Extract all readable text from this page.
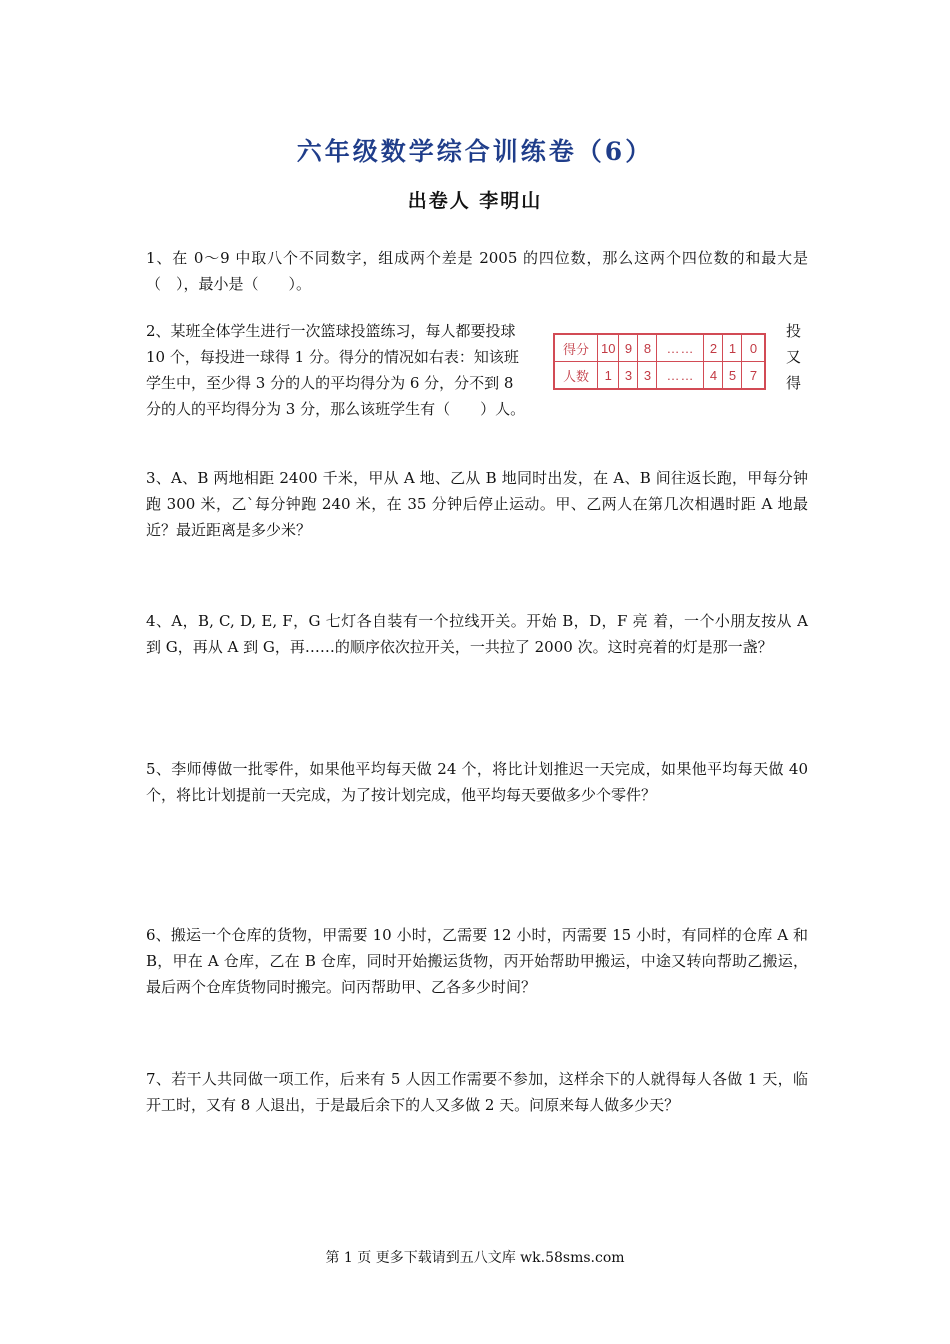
六年级数学综合训练卷（6）
出卷人 李明山

1、在 0～9 中取八个不同数字，组成两个差是 2005 的四位数，那么这两个四位数的和最大是（　），最小是（　　）。

2、某班全体学生进行一次篮球投篮练习，每人都要投球 10 个，每投进一球得 1 分。得分的情况如右表：知该班学生中，至少得 3 分的人的平均得分为 6 分，分不到 8 分的人的平均得分为 3 分，那么该班学生有（　　）人。

投
又
得
得分	10	9	8	……	2	1	0
人数	1	3	3	……	4	5	7

3、A、B 两地相距 2400 千米，甲从 A 地、乙从 B 地同时出发，在 A、B 间往返长跑，甲每分钟跑 300 米，乙`每分钟跑 240 米，在 35 分钟后停止运动。甲、乙两人在第几次相遇时距 A 地最近？最近距离是多少米？

4、A，B, C, D, E, F，G 七灯各自装有一个拉线开关。开始 B，D，F 亮 着，一个小朋友按从 A 到 G，再从 A 到 G，再……的顺序依次拉开关，一共拉了 2000 次。这时亮着的灯是那一盏？

5、李师傅做一批零件，如果他平均每天做 24 个，将比计划推迟一天完成，如果他平均每天做 40 个，将比计划提前一天完成，为了按计划完成，他平均每天要做多少个零件？

6、搬运一个仓库的货物，甲需要 10 小时，乙需要 12 小时，丙需要 15 小时，有同样的仓库 A 和 B，甲在 A 仓库，乙在 B 仓库，同时开始搬运货物，丙开始帮助甲搬运，中途又转向帮助乙搬运，最后两个仓库货物同时搬完。问丙帮助甲、乙各多少时间？

7、若干人共同做一项工作，后来有 5 人因工作需要不参加，这样余下的人就得每人各做 1 天，临开工时，又有 8 人退出，于是最后余下的人又多做 2 天。问原来每人做多少天？

第 1 页 更多下载请到五八文库 wk.58sms.com
